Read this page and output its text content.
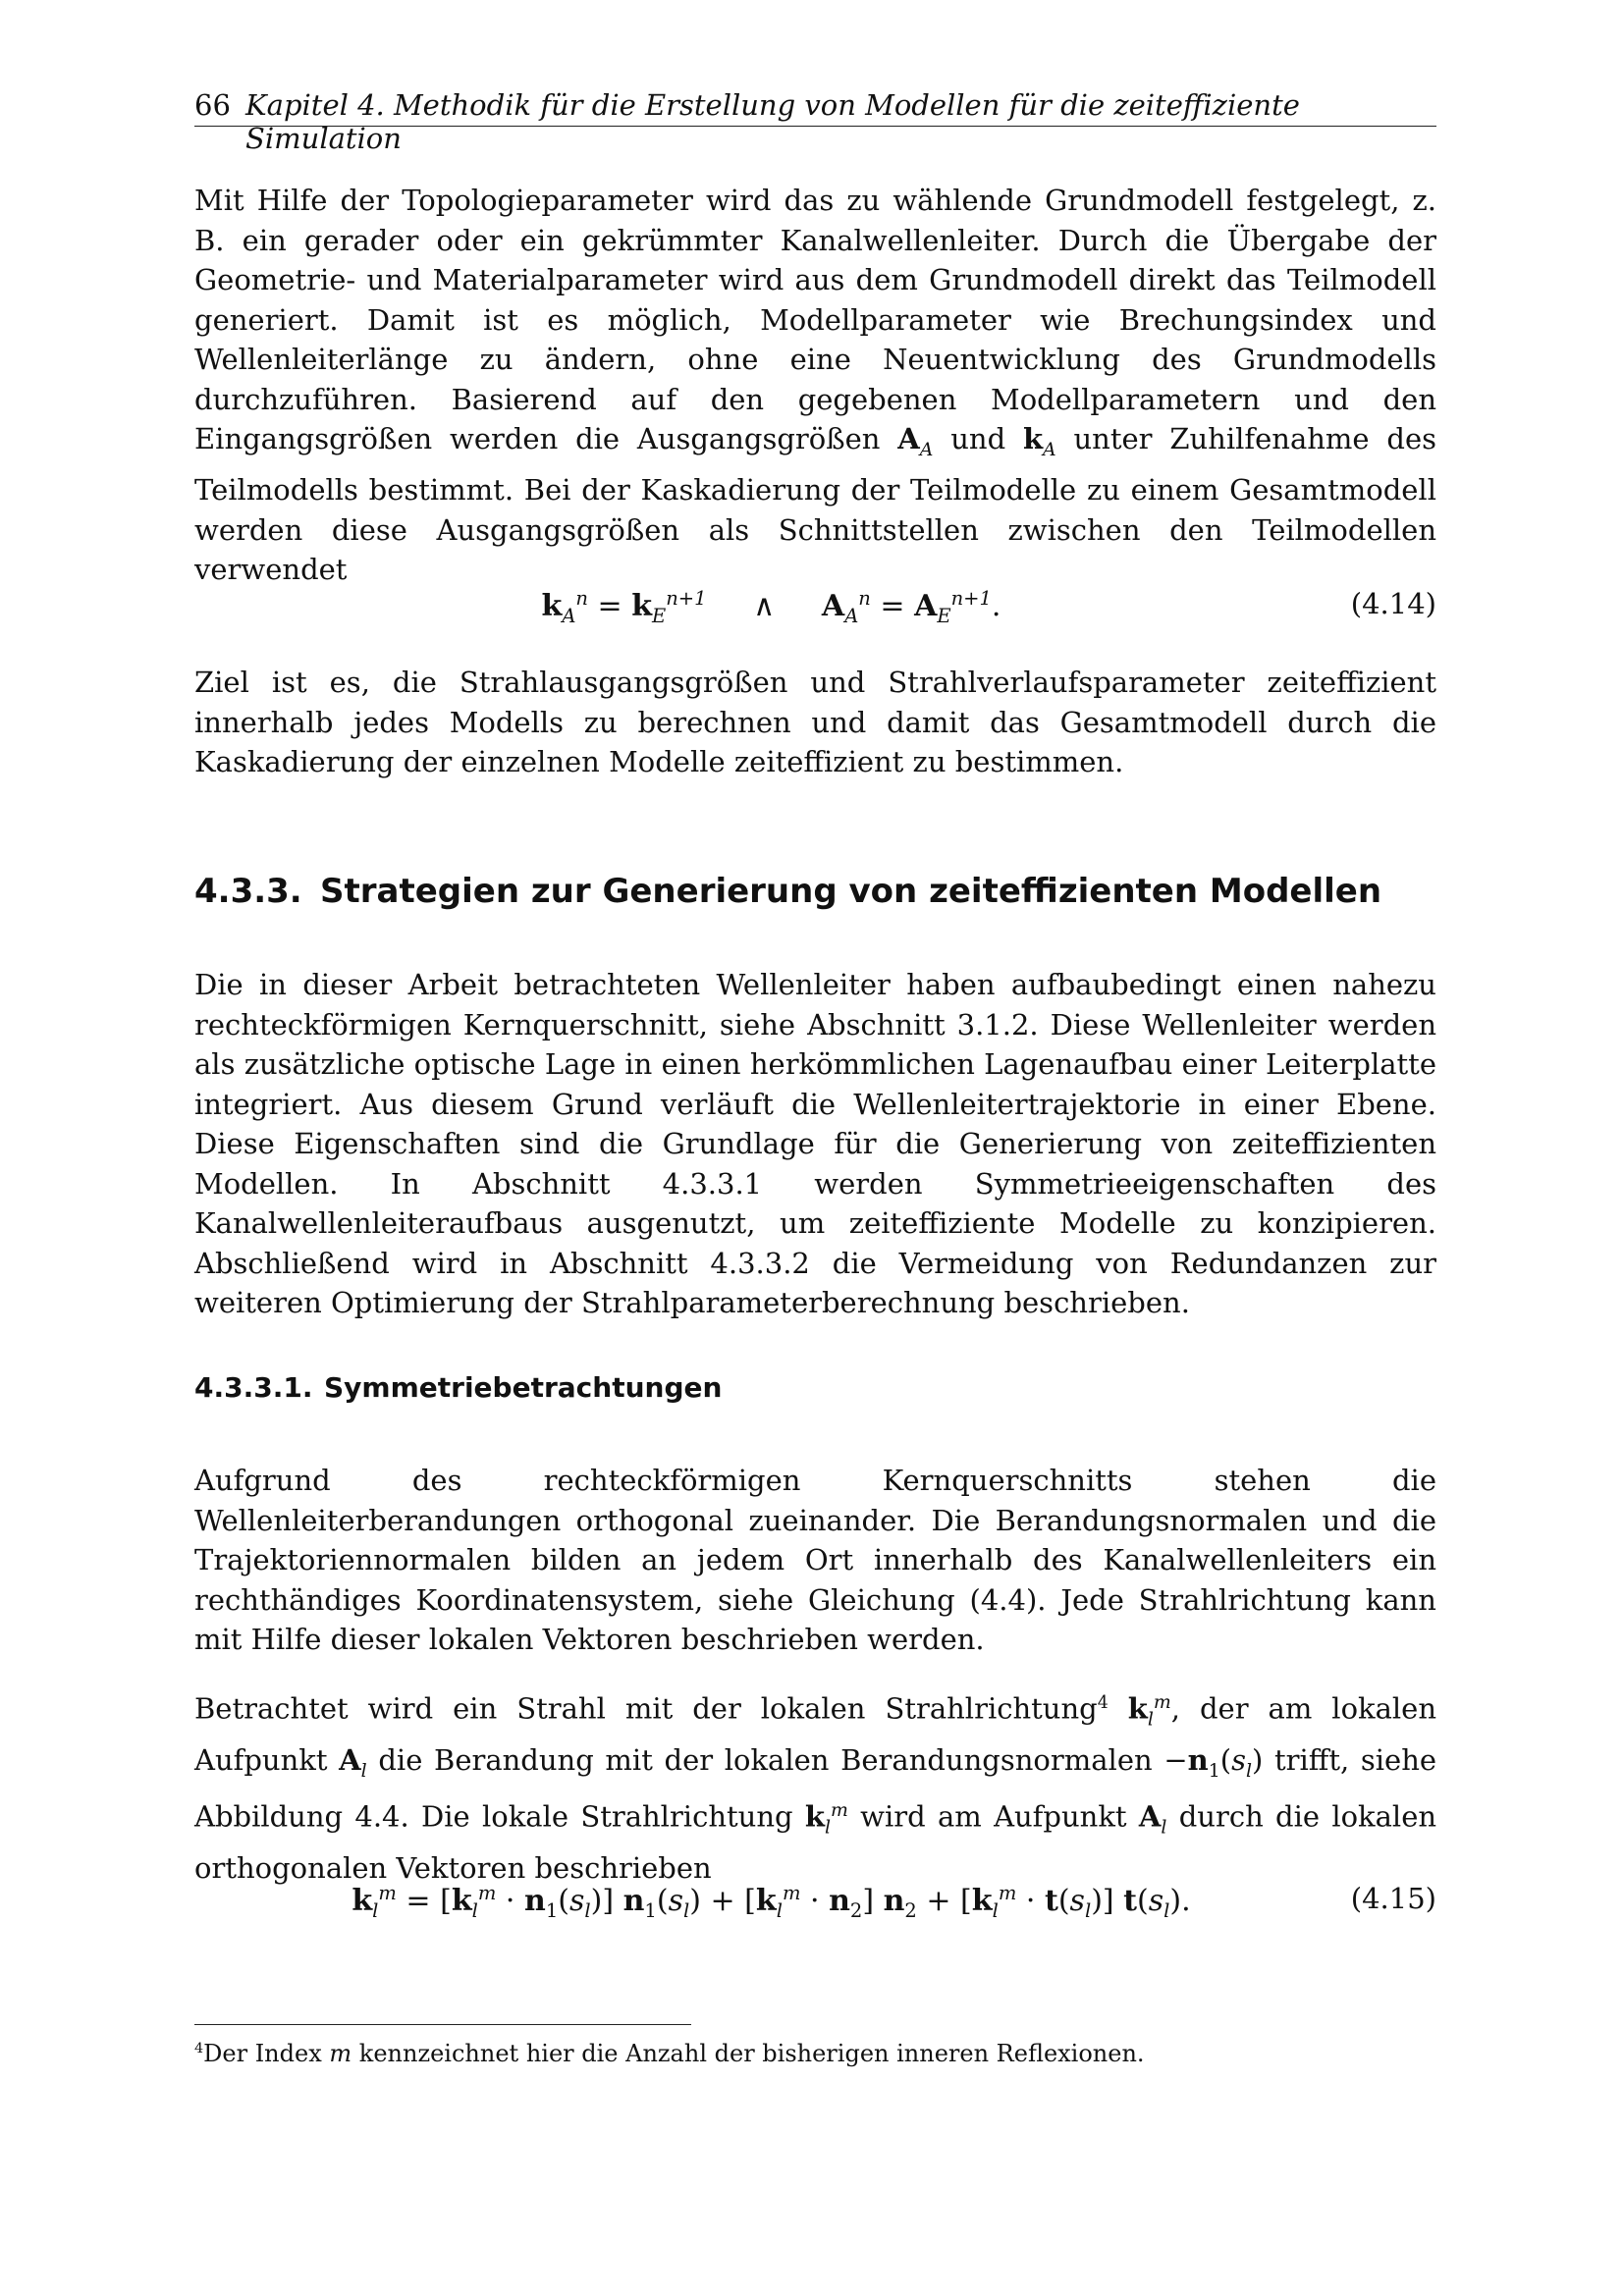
66 Kapitel 4. Methodik für die Erstellung von Modellen für die zeiteffiziente Simulation

Mit Hilfe der Topologieparameter wird das zu wählende Grundmodell festgelegt, z. B. ein gerader oder ein gekrümmter Kanalwellenleiter. Durch die Übergabe der Geometrie- und Materialparameter wird aus dem Grundmodell direkt das Teilmodell generiert. Damit ist es möglich, Modellparameter wie Brechungsindex und Wellenleiterlänge zu ändern, ohne eine Neuentwicklung des Grundmodells durchzuführen. Basierend auf den gegebenen Modellparametern und den Eingangsgrößen werden die Ausgangsgrößen $A_A$ und $k_A$ unter Zuhilfenahme des Teilmodells bestimmt. Bei der Kaskadierung der Teilmodelle zu einem Gesamtmodell werden diese Ausgangsgrößen als Schnittstellen zwischen den Teilmodellen verwendet

$k_A^n = k_E^{n+1}$ ∧ $A_A^n = A_E^{n+1}$.	(4.14)

Ziel ist es, die Strahlausgangsgrößen und Strahlverlaufsparameter zeiteffizient innerhalb jedes Modells zu berechnen und damit das Gesamtmodell durch die Kaskadierung der einzelnen Modelle zeiteffizient zu bestimmen.

4.3.3. Strategien zur Generierung von zeiteffizienten Modellen

Die in dieser Arbeit betrachteten Wellenleiter haben aufbaubedingt einen nahezu rechteckförmigen Kernquerschnitt, siehe Abschnitt 3.1.2. Diese Wellenleiter werden als zusätzliche optische Lage in einen herkömmlichen Lagenaufbau einer Leiterplatte integriert. Aus diesem Grund verläuft die Wellenleitertrajektorie in einer Ebene. Diese Eigenschaften sind die Grundlage für die Generierung von zeiteffizienten Modellen. In Abschnitt 4.3.3.1 werden Symmetrieeigenschaften des Kanalwellenleiteraufbaus ausgenutzt, um zeiteffiziente Modelle zu konzipieren. Abschließend wird in Abschnitt 4.3.3.2 die Vermeidung von Redundanzen zur weiteren Optimierung der Strahlparameterberechnung beschrieben.

4.3.3.1. Symmetriebetrachtungen

Aufgrund des rechteckförmigen Kernquerschnitts stehen die Wellenleiterberandungen orthogonal zueinander. Die Berandungsnormalen und die Trajektoriennormalen bilden an jedem Ort innerhalb des Kanalwellenleiters ein rechthändiges Koordinatensystem, siehe Gleichung (4.4). Jede Strahlrichtung kann mit Hilfe dieser lokalen Vektoren beschrieben werden.

Betrachtet wird ein Strahl mit der lokalen Strahlrichtung$^4$ $k_l^m$, der am lokalen Aufpunkt $A_l$ die Berandung mit der lokalen Berandungsnormalen $-n_1(s_l)$ trifft, siehe Abbildung 4.4. Die lokale Strahlrichtung $k_l^m$ wird am Aufpunkt $A_l$ durch die lokalen orthogonalen Vektoren beschrieben

$k_l^m = [k_l^m \cdot n_1(s_l)] n_1(s_l) + [k_l^m \cdot n_2] n_2 + [k_l^m \cdot t(s_l)]$ $t(s_l)$.	(4.15)
$^4$Der Index m kennzeichnet hier die Anzahl der bisherigen inneren Reflexionen.
